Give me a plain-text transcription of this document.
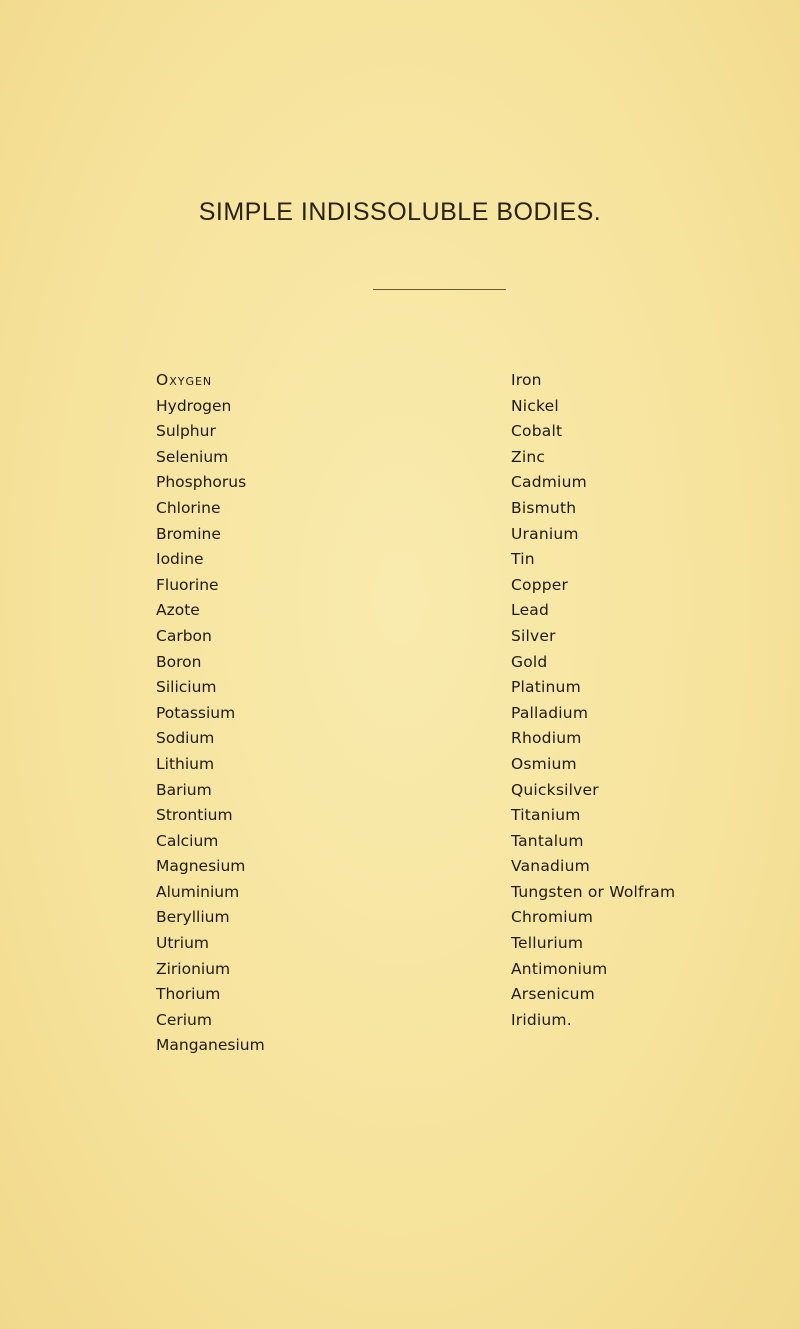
SIMPLE INDISSOLUBLE BODIES.
Oxygen
Hydrogen
Sulphur
Selenium
Phosphorus
Chlorine
Bromine
Iodine
Fluorine
Azote
Carbon
Boron
Silicium
Potassium
Sodium
Lithium
Barium
Strontium
Calcium
Magnesium
Aluminium
Beryllium
Utrium
Zirionium
Thorium
Cerium
Manganesium
Iron
Nickel
Cobalt
Zinc
Cadmium
Bismuth
Uranium
Tin
Copper
Lead
Silver
Gold
Platinum
Palladium
Rhodium
Osmium
Quicksilver
Titanium
Tantalum
Vanadium
Tungsten or Wolfram
Chromium
Tellurium
Antimonium
Arsenicum
Iridium.
